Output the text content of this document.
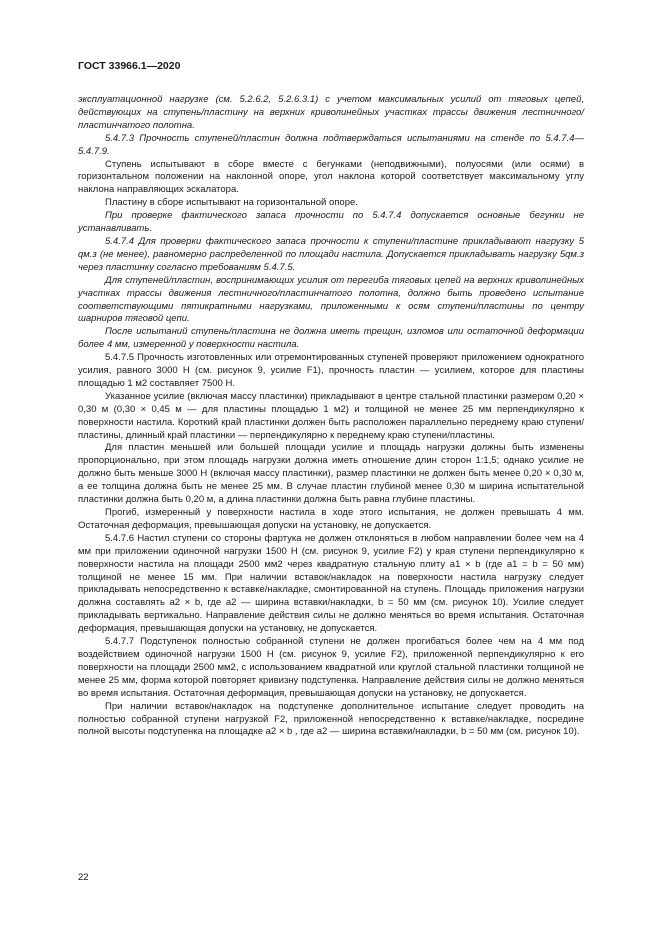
ГОСТ 33966.1—2020

эксплуатационной нагрузке (см. 5.2.6.2, 5.2.6.3.1) с учетом максимальных усилий от тяговых цепей, действующих на ступень/пластину на верхних криволинейных участках трассы движения лестничного/пластинчатого полотна.

5.4.7.3 Прочность ступеней/пластин должна подтверждаться испытаниями на стенде по 5.4.7.4—5.4.7.9.

Ступень испытывают в сборе вместе с бегунками (неподвижными), полуосями (или осями) в горизонтальном положении на наклонной опоре, угол наклона которой соответствует максимальному углу наклона направляющих эскалатора.

Пластину в сборе испытывают на горизонтальной опоре.

При проверке фактического запаса прочности по 5.4.7.4 допускается основные бегунки не устанавливать.

5.4.7.4 Для проверки фактического запаса прочности к ступени/пластине прикладывают нагрузку 5 qм.з (не менее), равномерно распределенной по площади настила. Допускается прикладывать нагрузку 5qм.з через пластинку согласно требованиям 5.4.7.5.

Для ступеней/пластин, воспринимающих усилия от перегиба тяговых цепей на верхних криволинейных участках трассы движения лестничного/пластинчатого полотна, должно быть проведено испытание соответствующими пятикратными нагрузками, приложенными к осям ступени/пластины по центру шарниров тяговой цепи.

После испытаний ступень/пластина не должна иметь трещин, изломов или остаточной деформации более 4 мм, измеренной у поверхности настила.

5.4.7.5 Прочность изготовленных или отремонтированных ступеней проверяют приложением однократного усилия, равного 3000 Н (см. рисунок 9, усилие F1), прочность пластин — усилием, которое для пластины площадью 1 м2 составляет 7500 Н.

Указанное усилие (включая массу пластинки) прикладывают в центре стальной пластинки размером 0,20 × 0,30 м (0,30 × 0,45 м — для пластины площадью 1 м2) и толщиной не менее 25 мм перпендикулярно к поверхности настила. Короткий край пластинки должен быть расположен параллельно переднему краю ступени/пластины, длинный край пластинки — перпендикулярно к переднему краю ступени/пластины.

Для пластин меньшей или большей площади усилие и площадь нагрузки должны быть изменены пропорционально, при этом площадь нагрузки должна иметь отношение длин сторон 1:1,5; однако усилие не должно быть меньше 3000 Н (включая массу пластинки), размер пластинки не должен быть менее 0,20 × 0,30 м, а ее толщина должна быть не менее 25 мм. В случае пластин глубиной менее 0,30 м ширина испытательной пластинки должна быть 0,20 м, а длина пластинки должна быть равна глубине пластины.

Прогиб, измеренный у поверхности настила в ходе этого испытания, не должен превышать 4 мм. Остаточная деформация, превышающая допуски на установку, не допускается.

5.4.7.6 Настил ступени со стороны фартука не должен отклоняться в любом направлении более чем на 4 мм при приложении одиночной нагрузки 1500 Н (см. рисунок 9, усилие F2) у края ступени перпендикулярно к поверхности настила на площади 2500 мм2 через квадратную стальную плиту a1 × b (где a1 = b = 50 мм) толщиной не менее 15 мм. При наличии вставок/накладок на поверхности настила нагрузку следует прикладывать непосредственно к вставке/накладке, смонтированной на ступень. Площадь приложения нагрузки должна составлять a2 × b, где a2 — ширина вставки/накладки, b = 50 мм (см. рисунок 10). Усилие следует прикладывать вертикально. Направление действия силы не должно меняться во время испытания. Остаточная деформация, превышающая допуски на установку, не допускается.

5.4.7.7 Подступенок полностью собранной ступени не должен прогибаться более чем на 4 мм под воздействием одиночной нагрузки 1500 Н (см. рисунок 9, усилие F2), приложенной перпендикулярно к его поверхности на площади 2500 мм2, с использованием квадратной или круглой стальной пластинки толщиной не менее 25 мм, форма которой повторяет кривизну подступенка. Направление действия силы не должно меняться во время испытания. Остаточная деформация, превышающая допуски на установку, не допускается.

При наличии вставок/накладок на подступенке дополнительное испытание следует проводить на полностью собранной ступени нагрузкой F2, приложенной непосредственно к вставке/накладке, посредине полной высоты подступенка на площадке a2 × b , где a2 — ширина вставки/накладки, b = 50 мм (см. рисунок 10).

22
